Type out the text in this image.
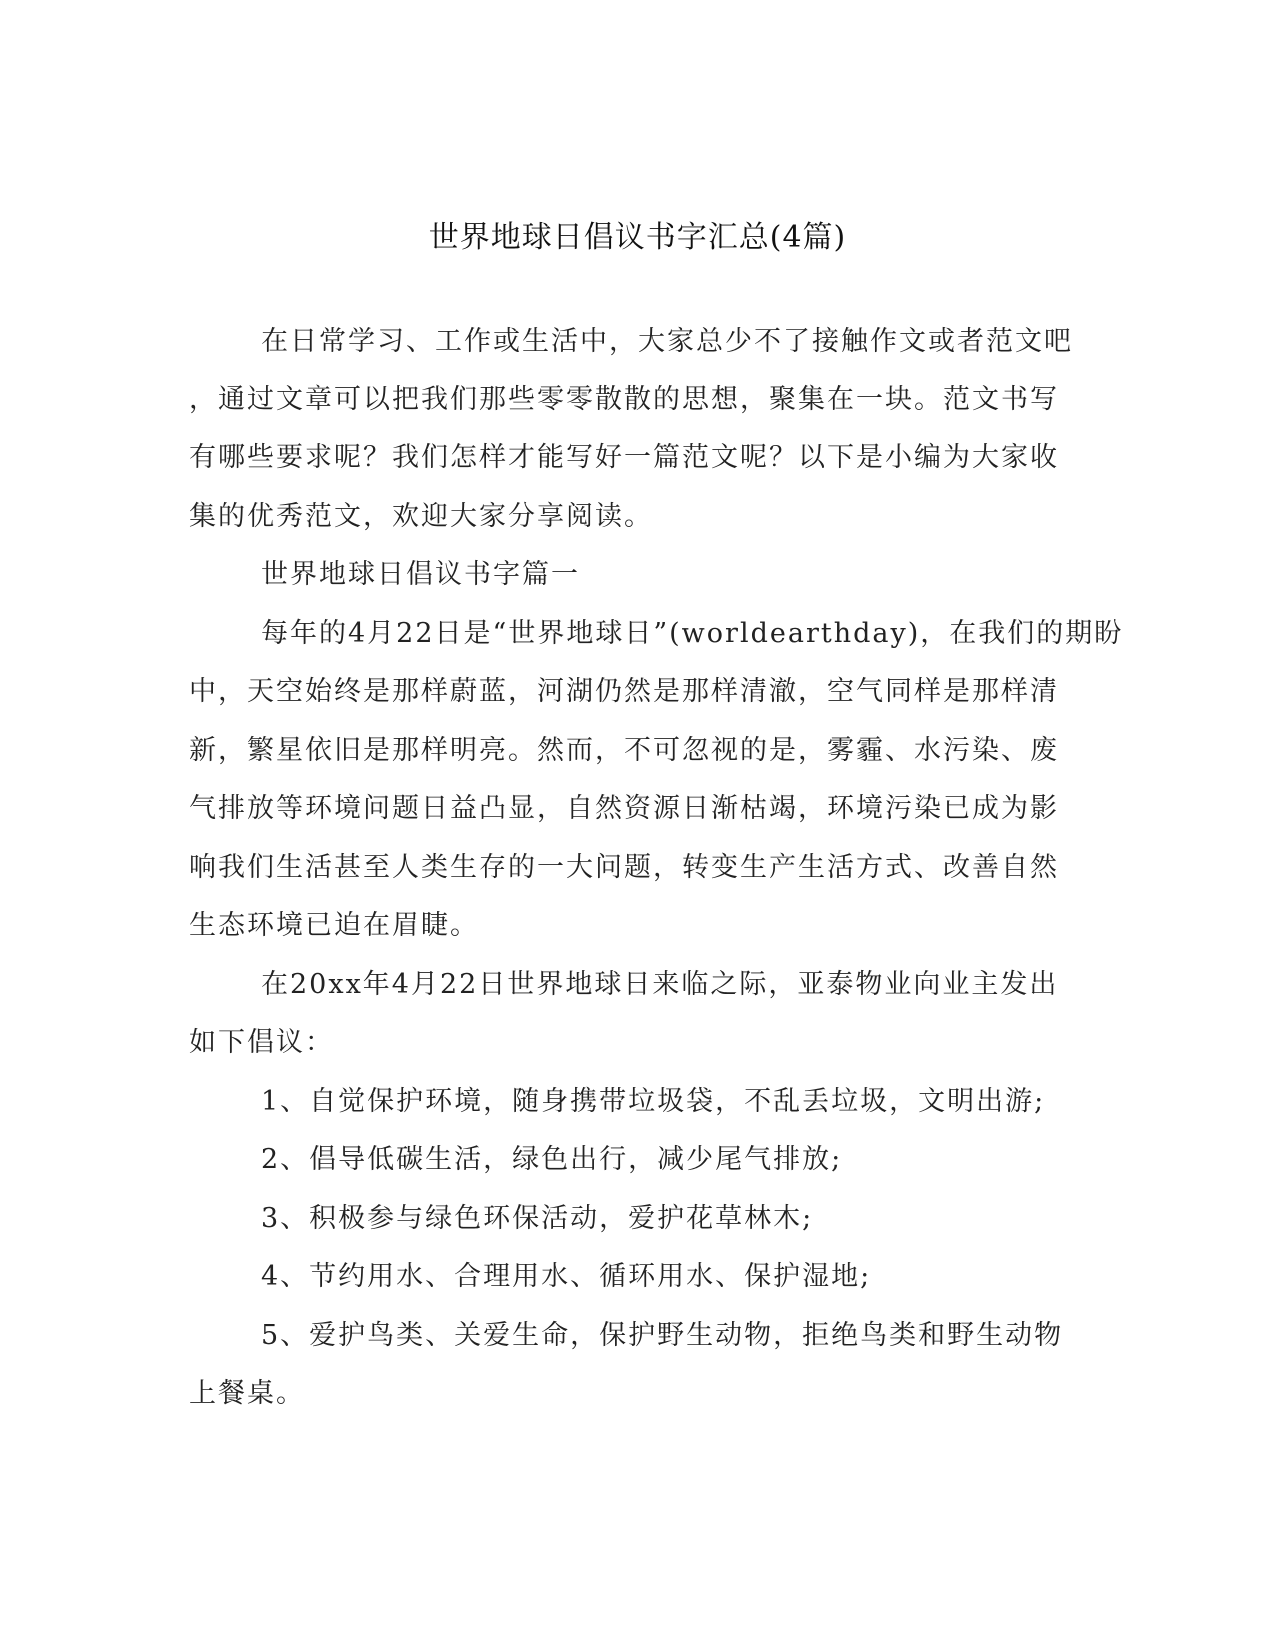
世界地球日倡议书字汇总(4篇)
在日常学习、工作或生活中，大家总少不了接触作文或者范文吧
，通过文章可以把我们那些零零散散的思想，聚集在一块。范文书写
有哪些要求呢？我们怎样才能写好一篇范文呢？以下是小编为大家收
集的优秀范文，欢迎大家分享阅读。
世界地球日倡议书字篇一
每年的4月22日是“世界地球日”(worldearthday)，在我们的期盼
中，天空始终是那样蔚蓝，河湖仍然是那样清澈，空气同样是那样清
新，繁星依旧是那样明亮。然而，不可忽视的是，雾霾、水污染、废
气排放等环境问题日益凸显，自然资源日渐枯竭，环境污染已成为影
响我们生活甚至人类生存的一大问题，转变生产生活方式、改善自然
生态环境已迫在眉睫。
在20xx年4月22日世界地球日来临之际，亚泰物业向业主发出
如下倡议：
1、自觉保护环境，随身携带垃圾袋，不乱丢垃圾，文明出游;
2、倡导低碳生活，绿色出行，减少尾气排放;
3、积极参与绿色环保活动，爱护花草林木;
4、节约用水、合理用水、循环用水、保护湿地;
5、爱护鸟类、关爱生命，保护野生动物，拒绝鸟类和野生动物
上餐桌。
